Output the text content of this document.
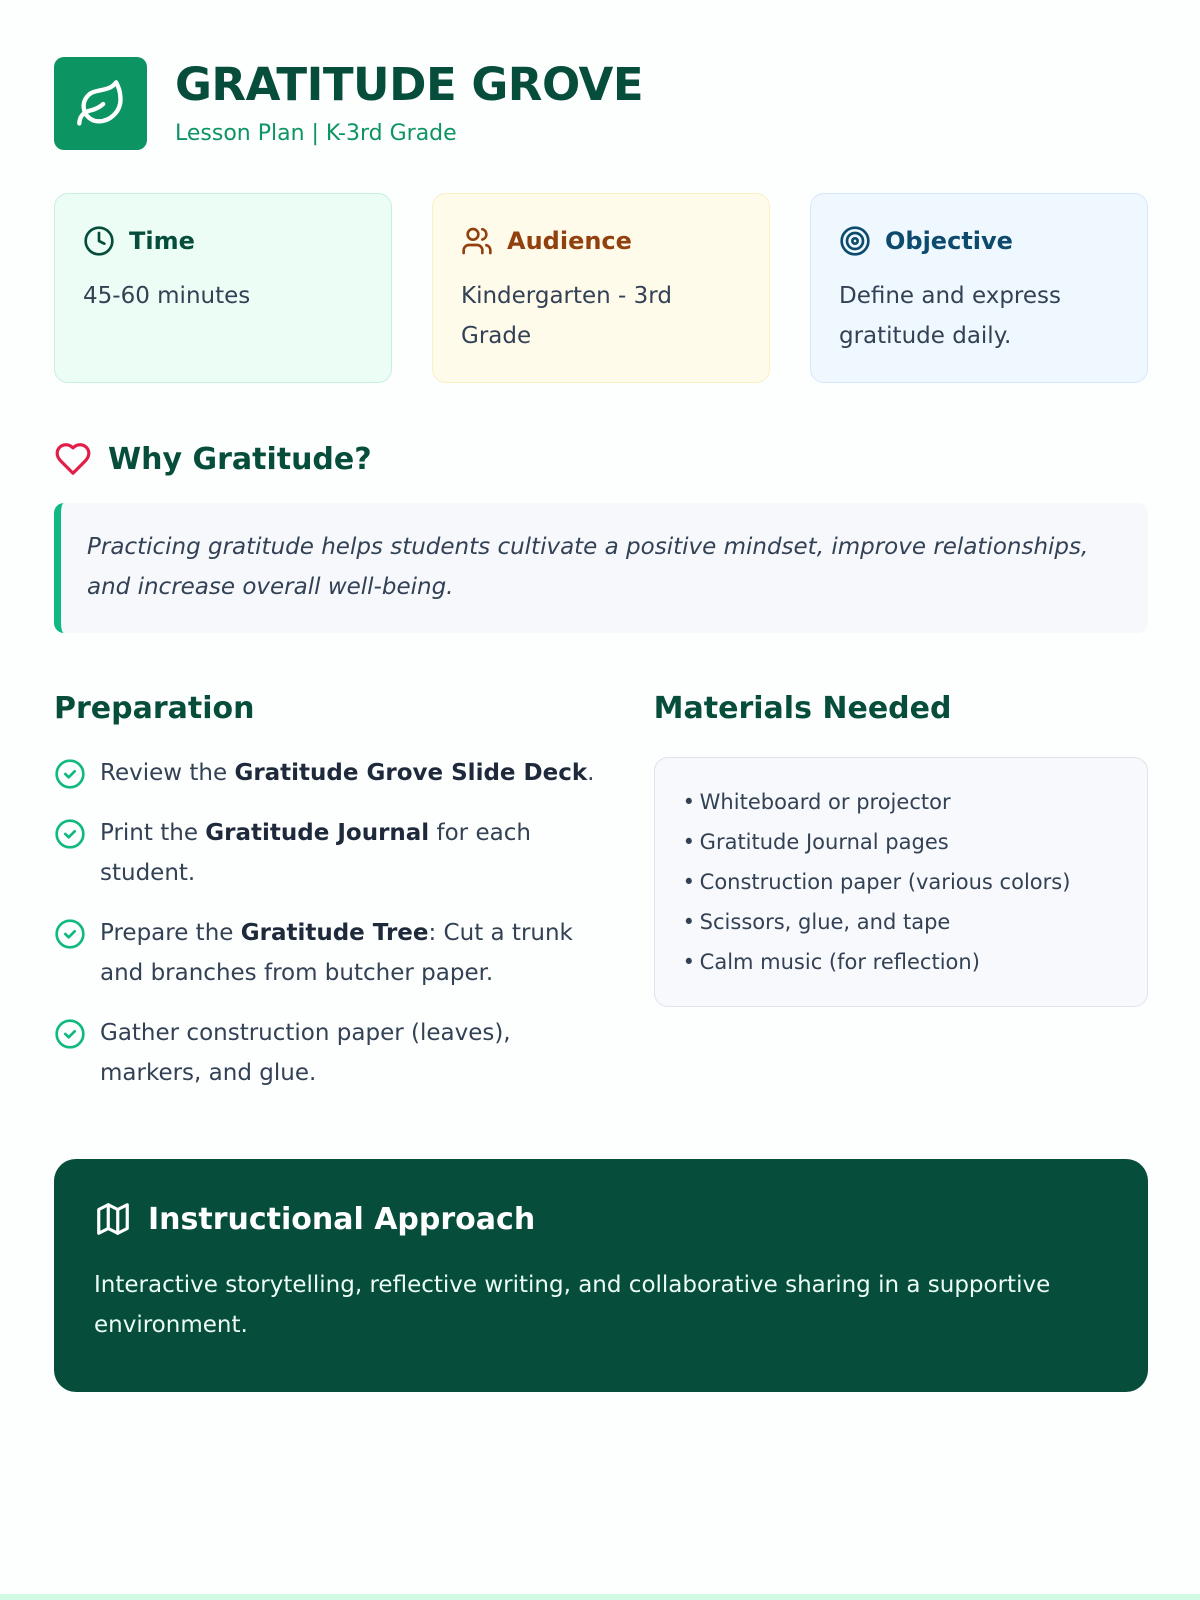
GRATITUDE GROVE
Lesson Plan | K-3rd Grade
Time
45-60 minutes
Audience
Kindergarten - 3rd Grade
Objective
Define and express gratitude daily.
Why Gratitude?
Practicing gratitude helps students cultivate a positive mindset, improve relationships, and increase overall well-being.
Preparation
Review the Gratitude Grove Slide Deck.
Print the Gratitude Journal for each student.
Prepare the Gratitude Tree: Cut a trunk and branches from butcher paper.
Gather construction paper (leaves), markers, and glue.
Materials Needed
• Whiteboard or projector
• Gratitude Journal pages
• Construction paper (various colors)
• Scissors, glue, and tape
• Calm music (for reflection)
Instructional Approach
Interactive storytelling, reflective writing, and collaborative sharing in a supportive environment.
